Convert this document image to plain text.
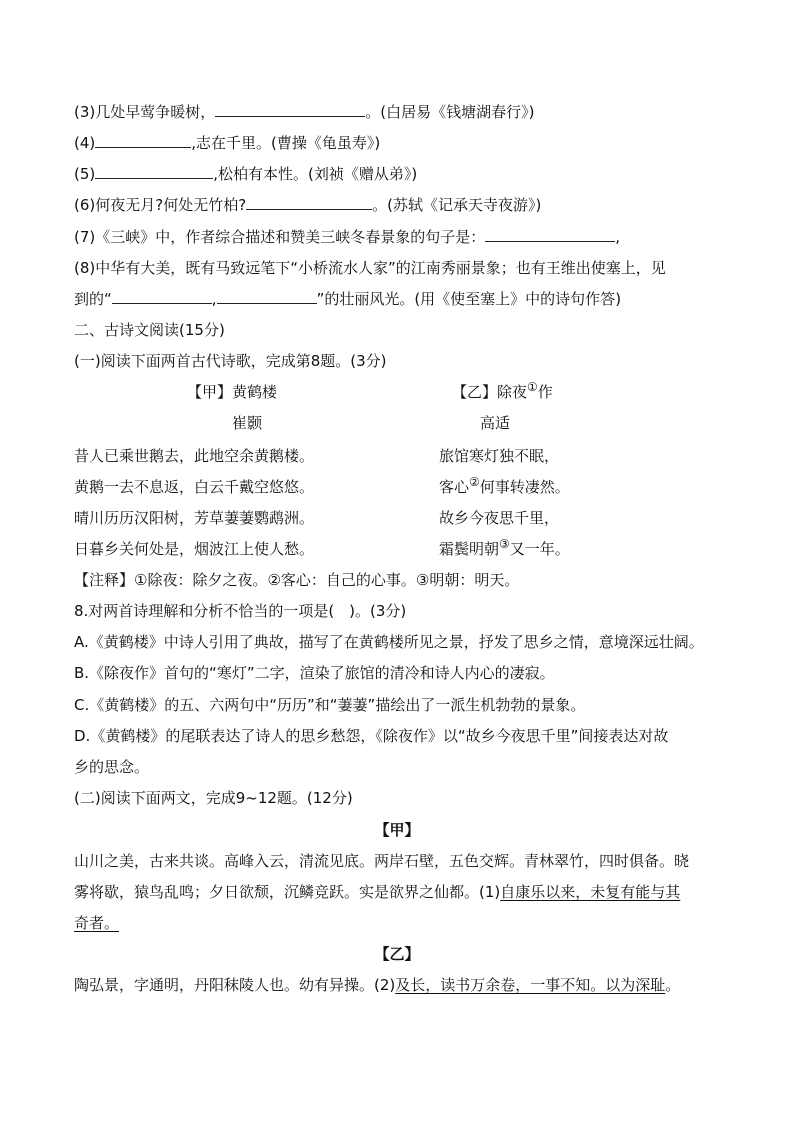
(3)几处早莺争暖树，	。(白居易《钱塘湖春行》)
(4)	,志在千里。(曹操《龟虽寿》)
(5)	,松柏有本性。(刘祯《赠从弟》)
(6)何夜无月?何处无竹柏?	。(苏轼《记承天寺夜游》)
(7)《三峡》中，作者综合描述和赞美三峡冬春景象的句子是：	,
(8)中华有大美，既有马致远笔下“小桥流水人家”的江南秀丽景象；也有王维出使塞上，见
到的“	,	”的壮丽风光。(用《使至塞上》中的诗句作答)
二、古诗文阅读(15分)
(一)阅读下面两首古代诗歌，完成第8题。(3分)
【甲】黄鹤楼	【乙】除夜①作
崔颢	高适
昔人已乘世鹅去，此地空余黄鹅楼。
黄鹅一去不息返，白云千戴空悠悠。
晴川历历汉阳树，芳草萋萋鹦鹉洲。
日暮乡关何处是，烟波江上使人愁。
旅馆寒灯独不眠，
客心②何事转凄然。
故乡今夜思千里，
霜鬓明朝③又一年。
【注释】①除夜：除夕之夜。②客心：自己的心事。③明朝：明天。
8.对两首诗理解和分析不恰当的一项是(　)。(3分)
A.《黄鹤楼》中诗人引用了典故，描写了在黄鹤楼所见之景，抒发了思乡之情，意境深远壮阔。
B.《除夜作》首句的“寒灯”二字，渲染了旅馆的清冷和诗人内心的凄寂。
C.《黄鹤楼》的五、六两句中“历历”和“萋萋”描绘出了一派生机勃勃的景象。
D.《黄鹤楼》的尾联表达了诗人的思乡愁怨，《除夜作》以“故乡今夜思千里”间接表达对故
乡的思念。
(二)阅读下面两文，完成9~12题。(12分)
【甲】
山川之美，古来共谈。高峰入云，清流见底。两岸石壁，五色交辉。青林翠竹，四时俱备。晓
雾将歇，猿鸟乱鸣；夕日欲颓，沉鳞竞跃。实是欲界之仙都。(1)自康乐以来，未复有能与其
奇者。
【乙】
陶弘景，字通明，丹阳秣陵人也。幼有异操。(2)及长，读书万余卷，一事不知。以为深耻。
